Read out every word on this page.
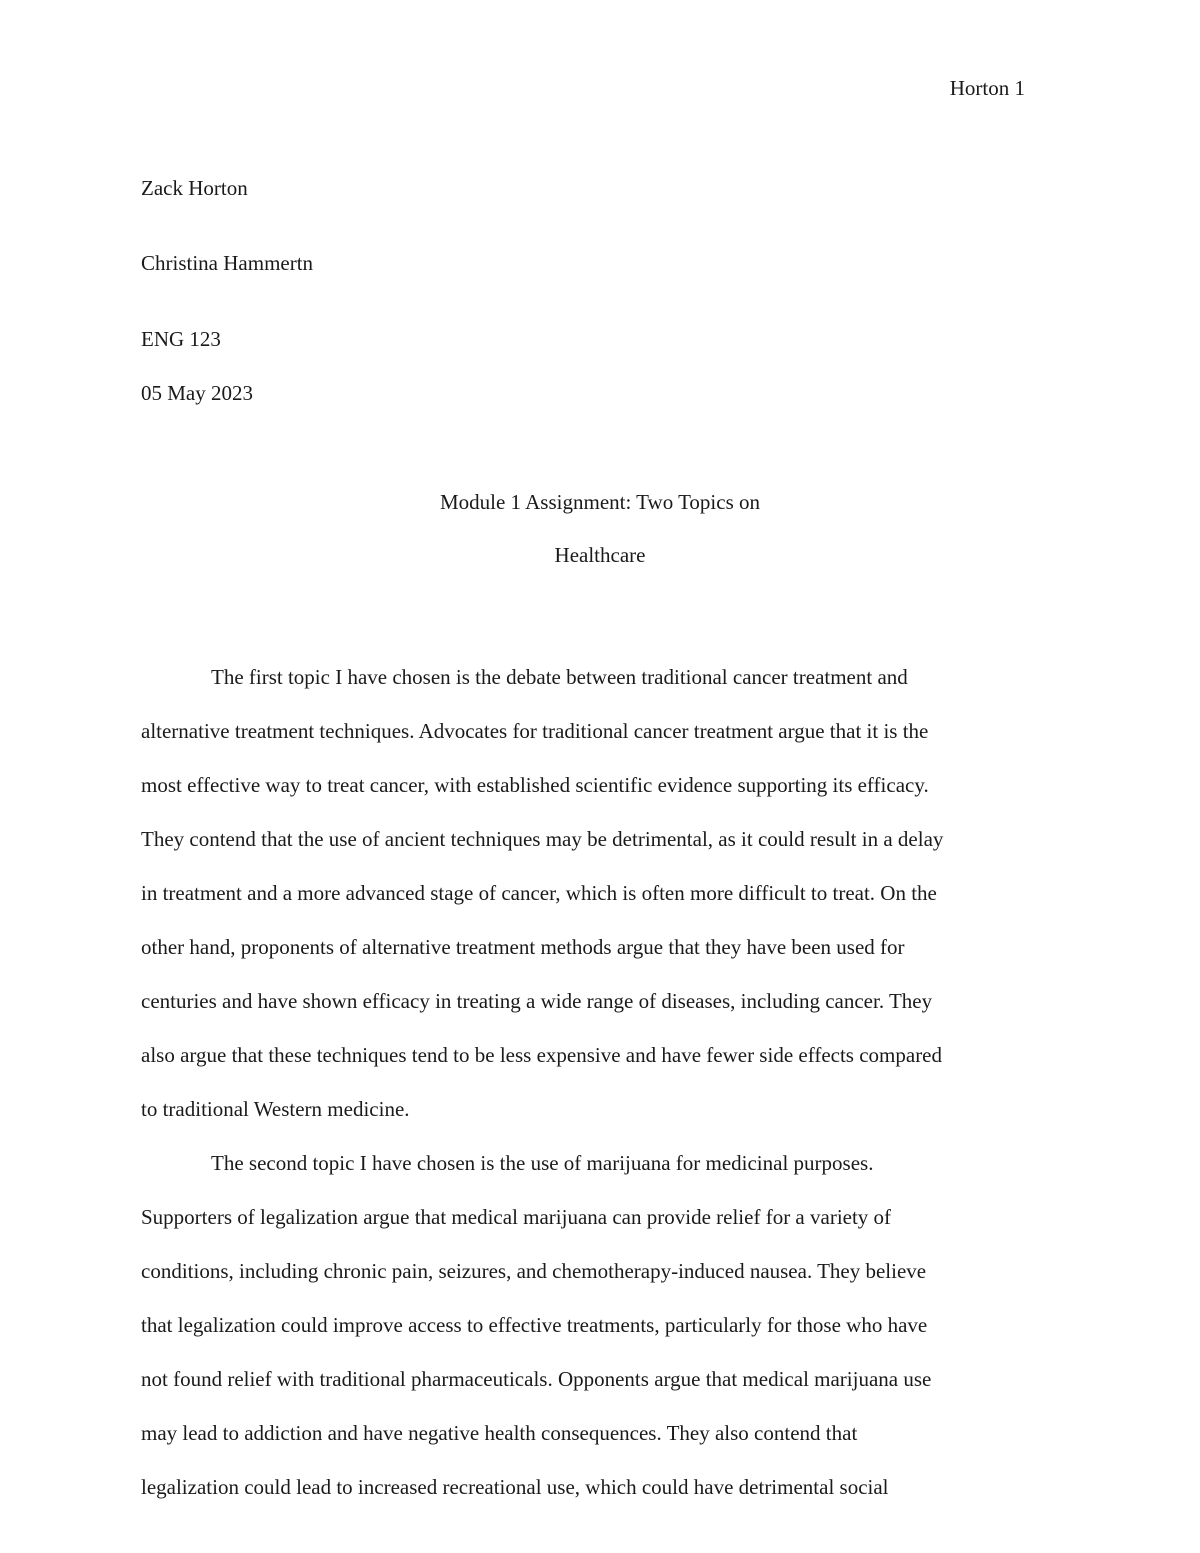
Horton 1
Zack Horton
Christina Hammertn
ENG 123
05 May 2023
Module 1 Assignment: Two Topics on
Healthcare

The first topic I have chosen is the debate between traditional cancer treatment and
alternative treatment techniques. Advocates for traditional cancer treatment argue that it is the
most effective way to treat cancer, with established scientific evidence supporting its efficacy.
They contend that the use of ancient techniques may be detrimental, as it could result in a delay
in treatment and a more advanced stage of cancer, which is often more difficult to treat. On the
other hand, proponents of alternative treatment methods argue that they have been used for
centuries and have shown efficacy in treating a wide range of diseases, including cancer. They
also argue that these techniques tend to be less expensive and have fewer side effects compared
to traditional Western medicine.

The second topic I have chosen is the use of marijuana for medicinal purposes.
Supporters of legalization argue that medical marijuana can provide relief for a variety of
conditions, including chronic pain, seizures, and chemotherapy-induced nausea. They believe
that legalization could improve access to effective treatments, particularly for those who have
not found relief with traditional pharmaceuticals. Opponents argue that medical marijuana use
may lead to addiction and have negative health consequences. They also contend that
legalization could lead to increased recreational use, which could have detrimental social
